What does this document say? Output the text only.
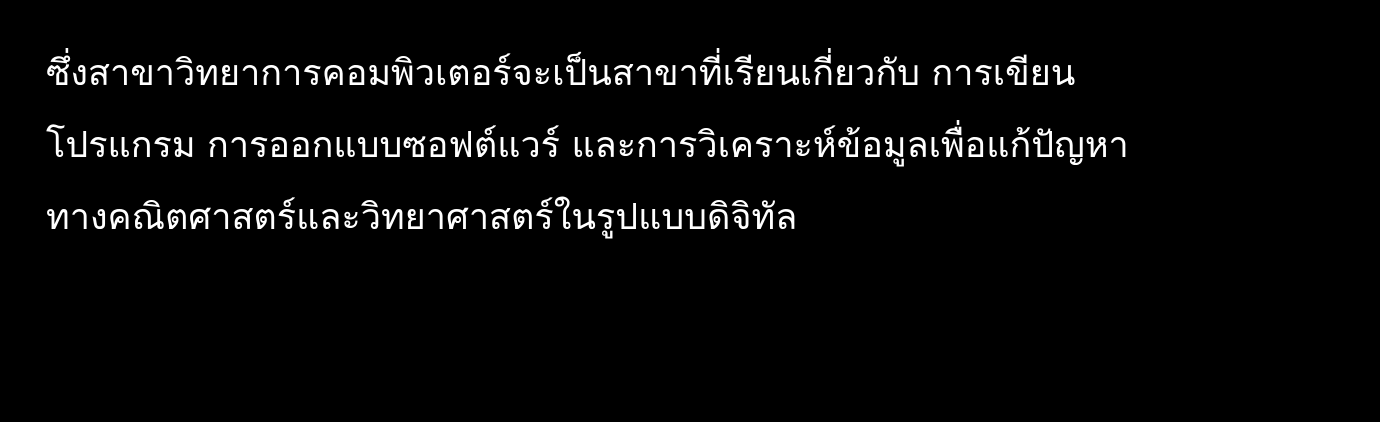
ซึ่งสาขาวิทยาการคอมพิวเตอร์จะเป็นสาขาที่เรียนเกี่ยวกับ การเขียน
โปรแกรม การออกแบบซอฟต์แวร์ และการวิเคราะห์ข้อมูลเพื่อแก้ปัญหา
ทางคณิตศาสตร์และวิทยาศาสตร์ในรูปแบบดิจิทัล
